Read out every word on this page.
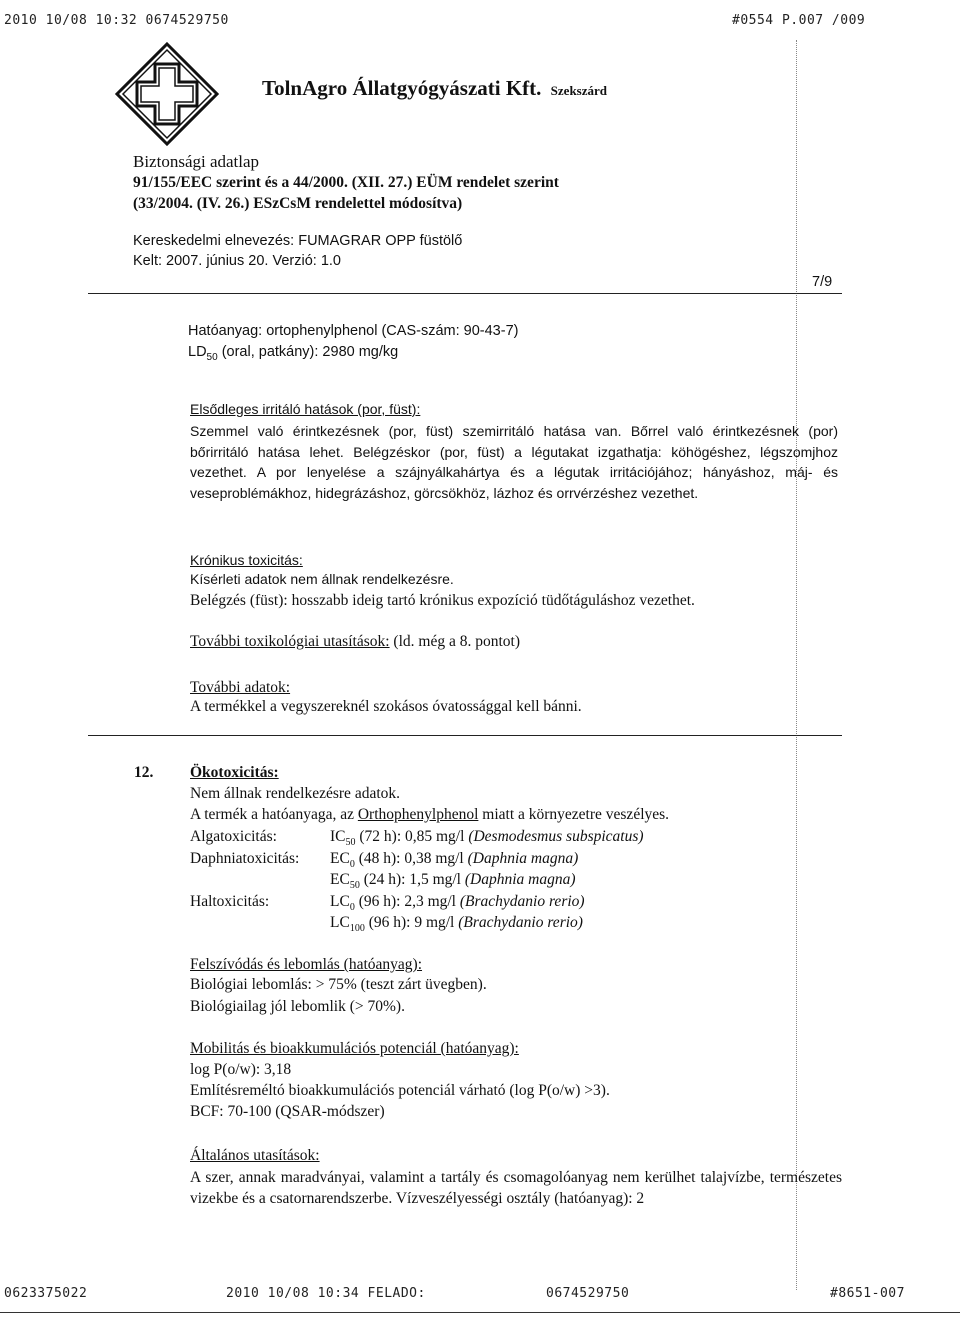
2010 10/08 10:32 0674529750	#0554 P.007 /009
TolnAgro Állatgyógyászati Kft. Szekszárd
Biztonsági adatlap
91/155/EEC szerint és a 44/2000. (XII. 27.) EÜM rendelet szerint
(33/2004. (IV. 26.) ESzCsM rendelettel módosítva)
Kereskedelmi elnevezés: FUMAGRAR OPP füstölő
Kelt: 2007. június 20. Verzió: 1.0
7/9
Hatóanyag: ortophenylphenol (CAS-szám: 90-43-7)
$LD_{50}$ (oral, patkány): 2980 mg/kg
Elsődleges irritáló hatások (por, füst):
Szemmel való érintkezésnek (por, füst) szemirritáló hatása van. Bőrrel való érintkezésnek (por) bőrirritáló hatása lehet. Belégzéskor (por, füst) a légutakat izgathatja: köhögéshez, légszomjhoz vezethet. A por lenyelése a szájnyálkahártya és a légutak irritációjához; hányáshoz, máj- és veseproblémákhoz, hidegrázáshoz, görcsökhöz, lázhoz és orrvérzéshez vezethet.
Krónikus toxicitás:
Kísérleti adatok nem állnak rendelkezésre.
Belégzés (füst): hosszabb ideig tartó krónikus expozíció tüdőtáguláshoz vezethet.
További toxikológiai utasítások: (ld. még a 8. pontot)
További adatok:
A termékkel a vegyszereknél szokásos óvatossággal kell bánni.
12. Ökotoxicitás:
Nem állnak rendelkezésre adatok.
A termék a hatóanyaga, az Orthophenylphenol miatt a környezetre veszélyes.
Algatoxicitás:	$IC_{50}$ (72 h): 0,85 mg/l (Desmodesmus subspicatus)
Daphniatoxicitás: $EC_0$ (48 h): 0,38 mg/l (Daphnia magna)
$EC_{50}$ (24 h): 1,5 mg/l (Daphnia magna)
Haltoxicitás:	$LC_0$ (96 h): 2,3 mg/l (Brachydanio rerio)
$LC_{100}$ (96 h): 9 mg/l (Brachydanio rerio)
Felszívódás és lebomlás (hatóanyag):
Biológiai lebomlás: > 75% (teszt zárt üvegben).
Biológiailag jól lebomlik (> 70%).
Mobilitás és bioakkumulációs potenciál (hatóanyag):
log P(o/w): 3,18
Említésreméltó bioakkumulációs potenciál várható (log P(o/w) >3).
BCF: 70-100 (QSAR-módszer)
Általános utasítások:
A szer, annak maradványai, valamint a tartály és csomagolóanyag nem kerülhet talajvízbe, természetes vizekbe és a csatornarendszerbe. Vízveszélyességi osztály (hatóanyag): 2
0623375022	2010 10/08 10:34 FELADO:	0674529750	#8651-007
